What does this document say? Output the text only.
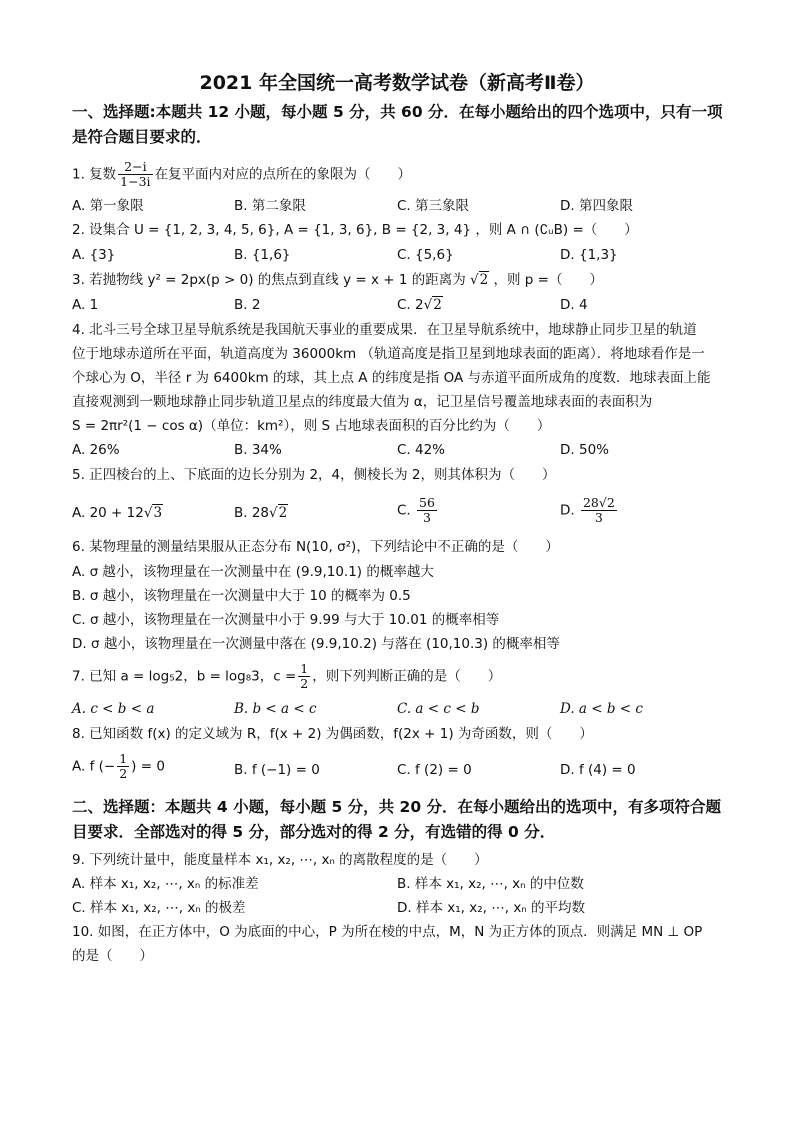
2021 年全国统一高考数学试卷（新高考Ⅱ卷）
一、选择题:本题共 12 小题，每小题 5 分，共 60 分．在每小题给出的四个选项中，只有一项
是符合题目要求的．
1. 复数 $\frac{2-i}{1-3i}$ 在复平面内对应的点所在的象限为（　　）
A. 第一象限	B. 第二象限	C. 第三象限	D. 第四象限
2. 设集合 U = {1, 2, 3, 4, 5, 6}, A = {1, 3, 6}, B = {2, 3, 4} ，则 A ∩ (∁ᵤB) =（　　）
A. {3}	B. {1,6}	C. {5,6}	D. {1,3}
3. 若抛物线 y² = 2px(p > 0) 的焦点到直线 y = x + 1 的距离为 √2 ，则 p =（　　）
A. 1	B. 2	C. 2√2	D. 4
4. 北斗三号全球卫星导航系统是我国航天事业的重要成果．在卫星导航系统中，地球静止同步卫星的轨道
位于地球赤道所在平面，轨道高度为 36000km （轨道高度是指卫星到地球表面的距离）．将地球看作是一
个球心为 O，半径 r 为 6400km 的球，其上点 A 的纬度是指 OA 与赤道平面所成角的度数．地球表面上能
直接观测到一颗地球静止同步轨道卫星点的纬度最大值为 α，记卫星信号覆盖地球表面的表面积为
S = 2πr²(1 − cos α)（单位：km²），则 S 占地球表面积的百分比约为（　　）
A. 26%	B. 34%	C. 42%	D. 50%
5. 正四棱台的上、下底面的边长分别为 2，4，侧棱长为 2，则其体积为（　　）
A. 20 + 12√3	B. 28√2	C. $\frac{56}{3}$	D. $\frac{28√2}{3}$
6. 某物理量的测量结果服从正态分布 N(10, σ²)，下列结论中不正确的是（　　）
A. σ 越小，该物理量在一次测量中在 (9.9,10.1) 的概率越大
B. σ 越小，该物理量在一次测量中大于 10 的概率为 0.5
C. σ 越小，该物理量在一次测量中小于 9.99 与大于 10.01 的概率相等
D. σ 越小，该物理量在一次测量中落在 (9.9,10.2) 与落在 (10,10.3) 的概率相等
7. 已知 a = log₅2，b = log₈3，$c = \frac{1}{2}$ ，则下列判断正确的是（　　）
A. c < b < a	B. b < a < c	C. a < c < b	D. a < b < c
8. 已知函数 f(x) 的定义域为 R，f(x + 2) 为偶函数，f(2x + 1) 为奇函数，则（　　）
A. f (− $\frac{1}{2}$ ) = 0	B. f (−1) = 0	C. f (2) = 0	D. f (4) = 0
二、选择题：本题共 4 小题，每小题 5 分，共 20 分．在每小题给出的选项中，有多项符合题
目要求．全部选对的得 5 分，部分选对的得 2 分，有选错的得 0 分．
9. 下列统计量中，能度量样本 x₁, x₂, ⋯, xₙ 的离散程度的是（　　）
A. 样本 x₁, x₂, ⋯, xₙ 的标准差	B. 样本 x₁, x₂, ⋯, xₙ 的中位数
C. 样本 x₁, x₂, ⋯, xₙ 的极差	D. 样本 x₁, x₂, ⋯, xₙ 的平均数
10. 如图，在正方体中，O 为底面的中心，P 为所在棱的中点，M，N 为正方体的顶点．则满足 MN ⊥ OP
的是（　　）
